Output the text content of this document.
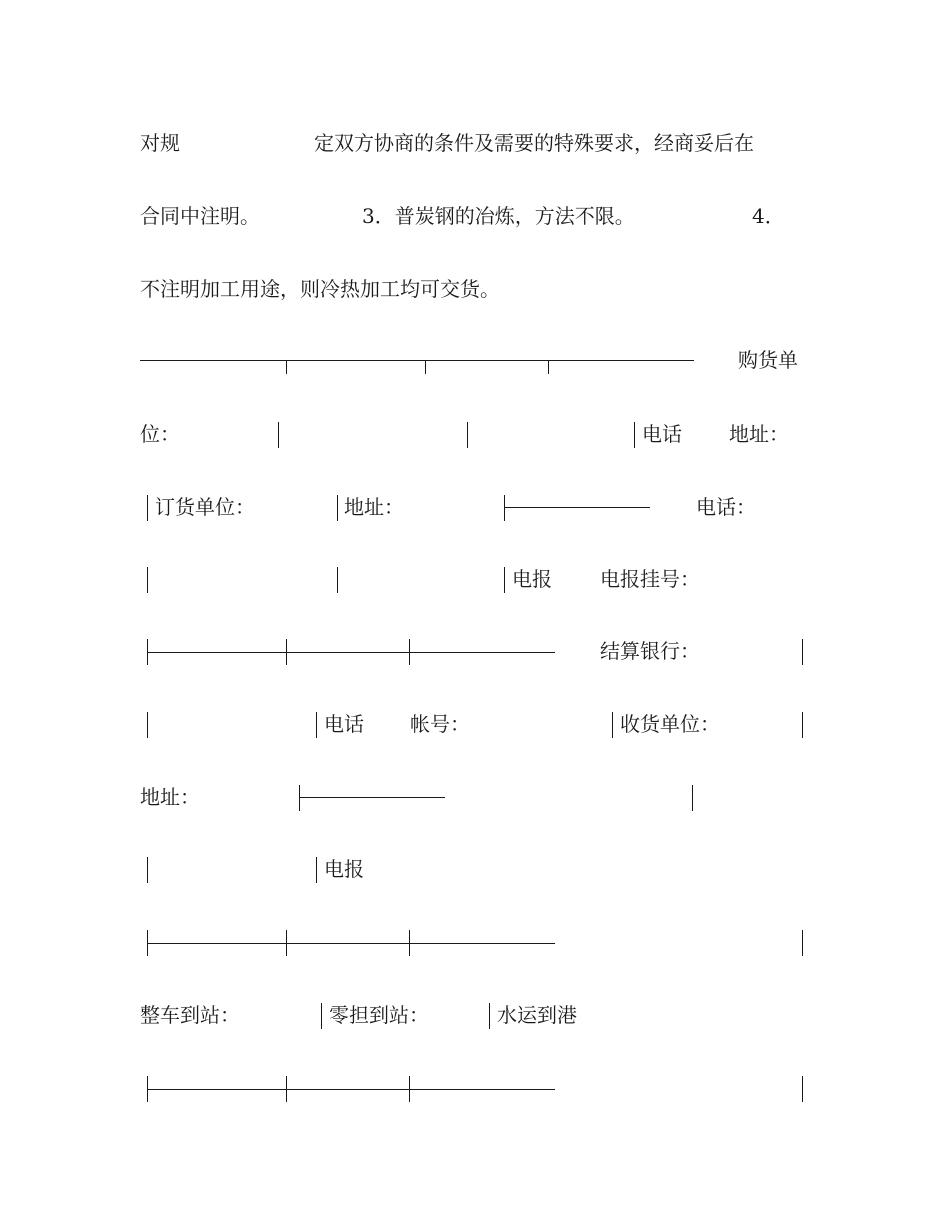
对规	定双方协商的条件及需要的特殊要求，经商妥后在
合同中注明。	3．普炭钢的冶炼，方法不限。	4．
不注明加工用途，则冷热加工均可交货。
购货单
位：	电话 地址：
订货单位：	地址：	电话：
电报 电报挂号：
结算银行：
电话 帐号：	收货单位：
地址：
电报
整车到站：	零担到站：	水运到港
